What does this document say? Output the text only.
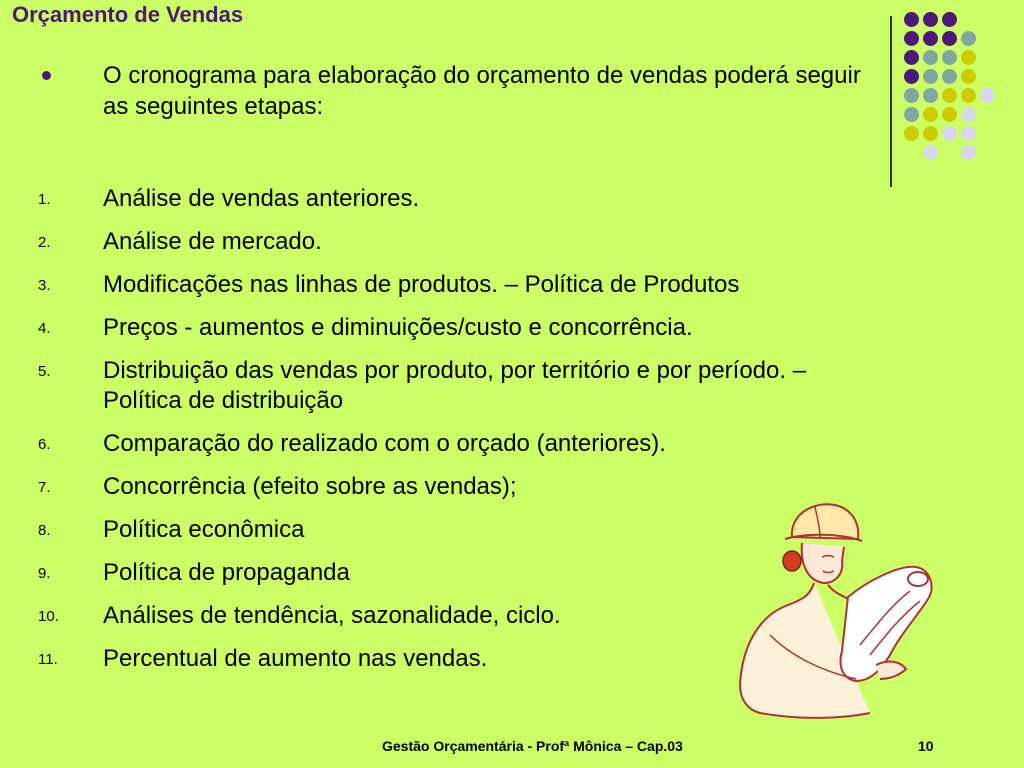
Orçamento de Vendas
O cronograma para elaboração do orçamento de vendas poderá seguir as seguintes etapas:
1.	Análise de vendas anteriores.
2.	Análise de mercado.
3.	Modificações nas linhas de produtos. – Política de Produtos
4.	Preços - aumentos e diminuições/custo e concorrência.
5.	Distribuição das vendas por produto, por território e por período. – Política de distribuição
6.	Comparação do realizado com o orçado (anteriores).
7.	Concorrência (efeito sobre as vendas);
8.	Política econômica
9.	Política de propaganda
10.	Análises de tendência, sazonalidade, ciclo.
11.	Percentual de aumento nas vendas.
Gestão Orçamentária - Profª Mônica – Cap.03	10
